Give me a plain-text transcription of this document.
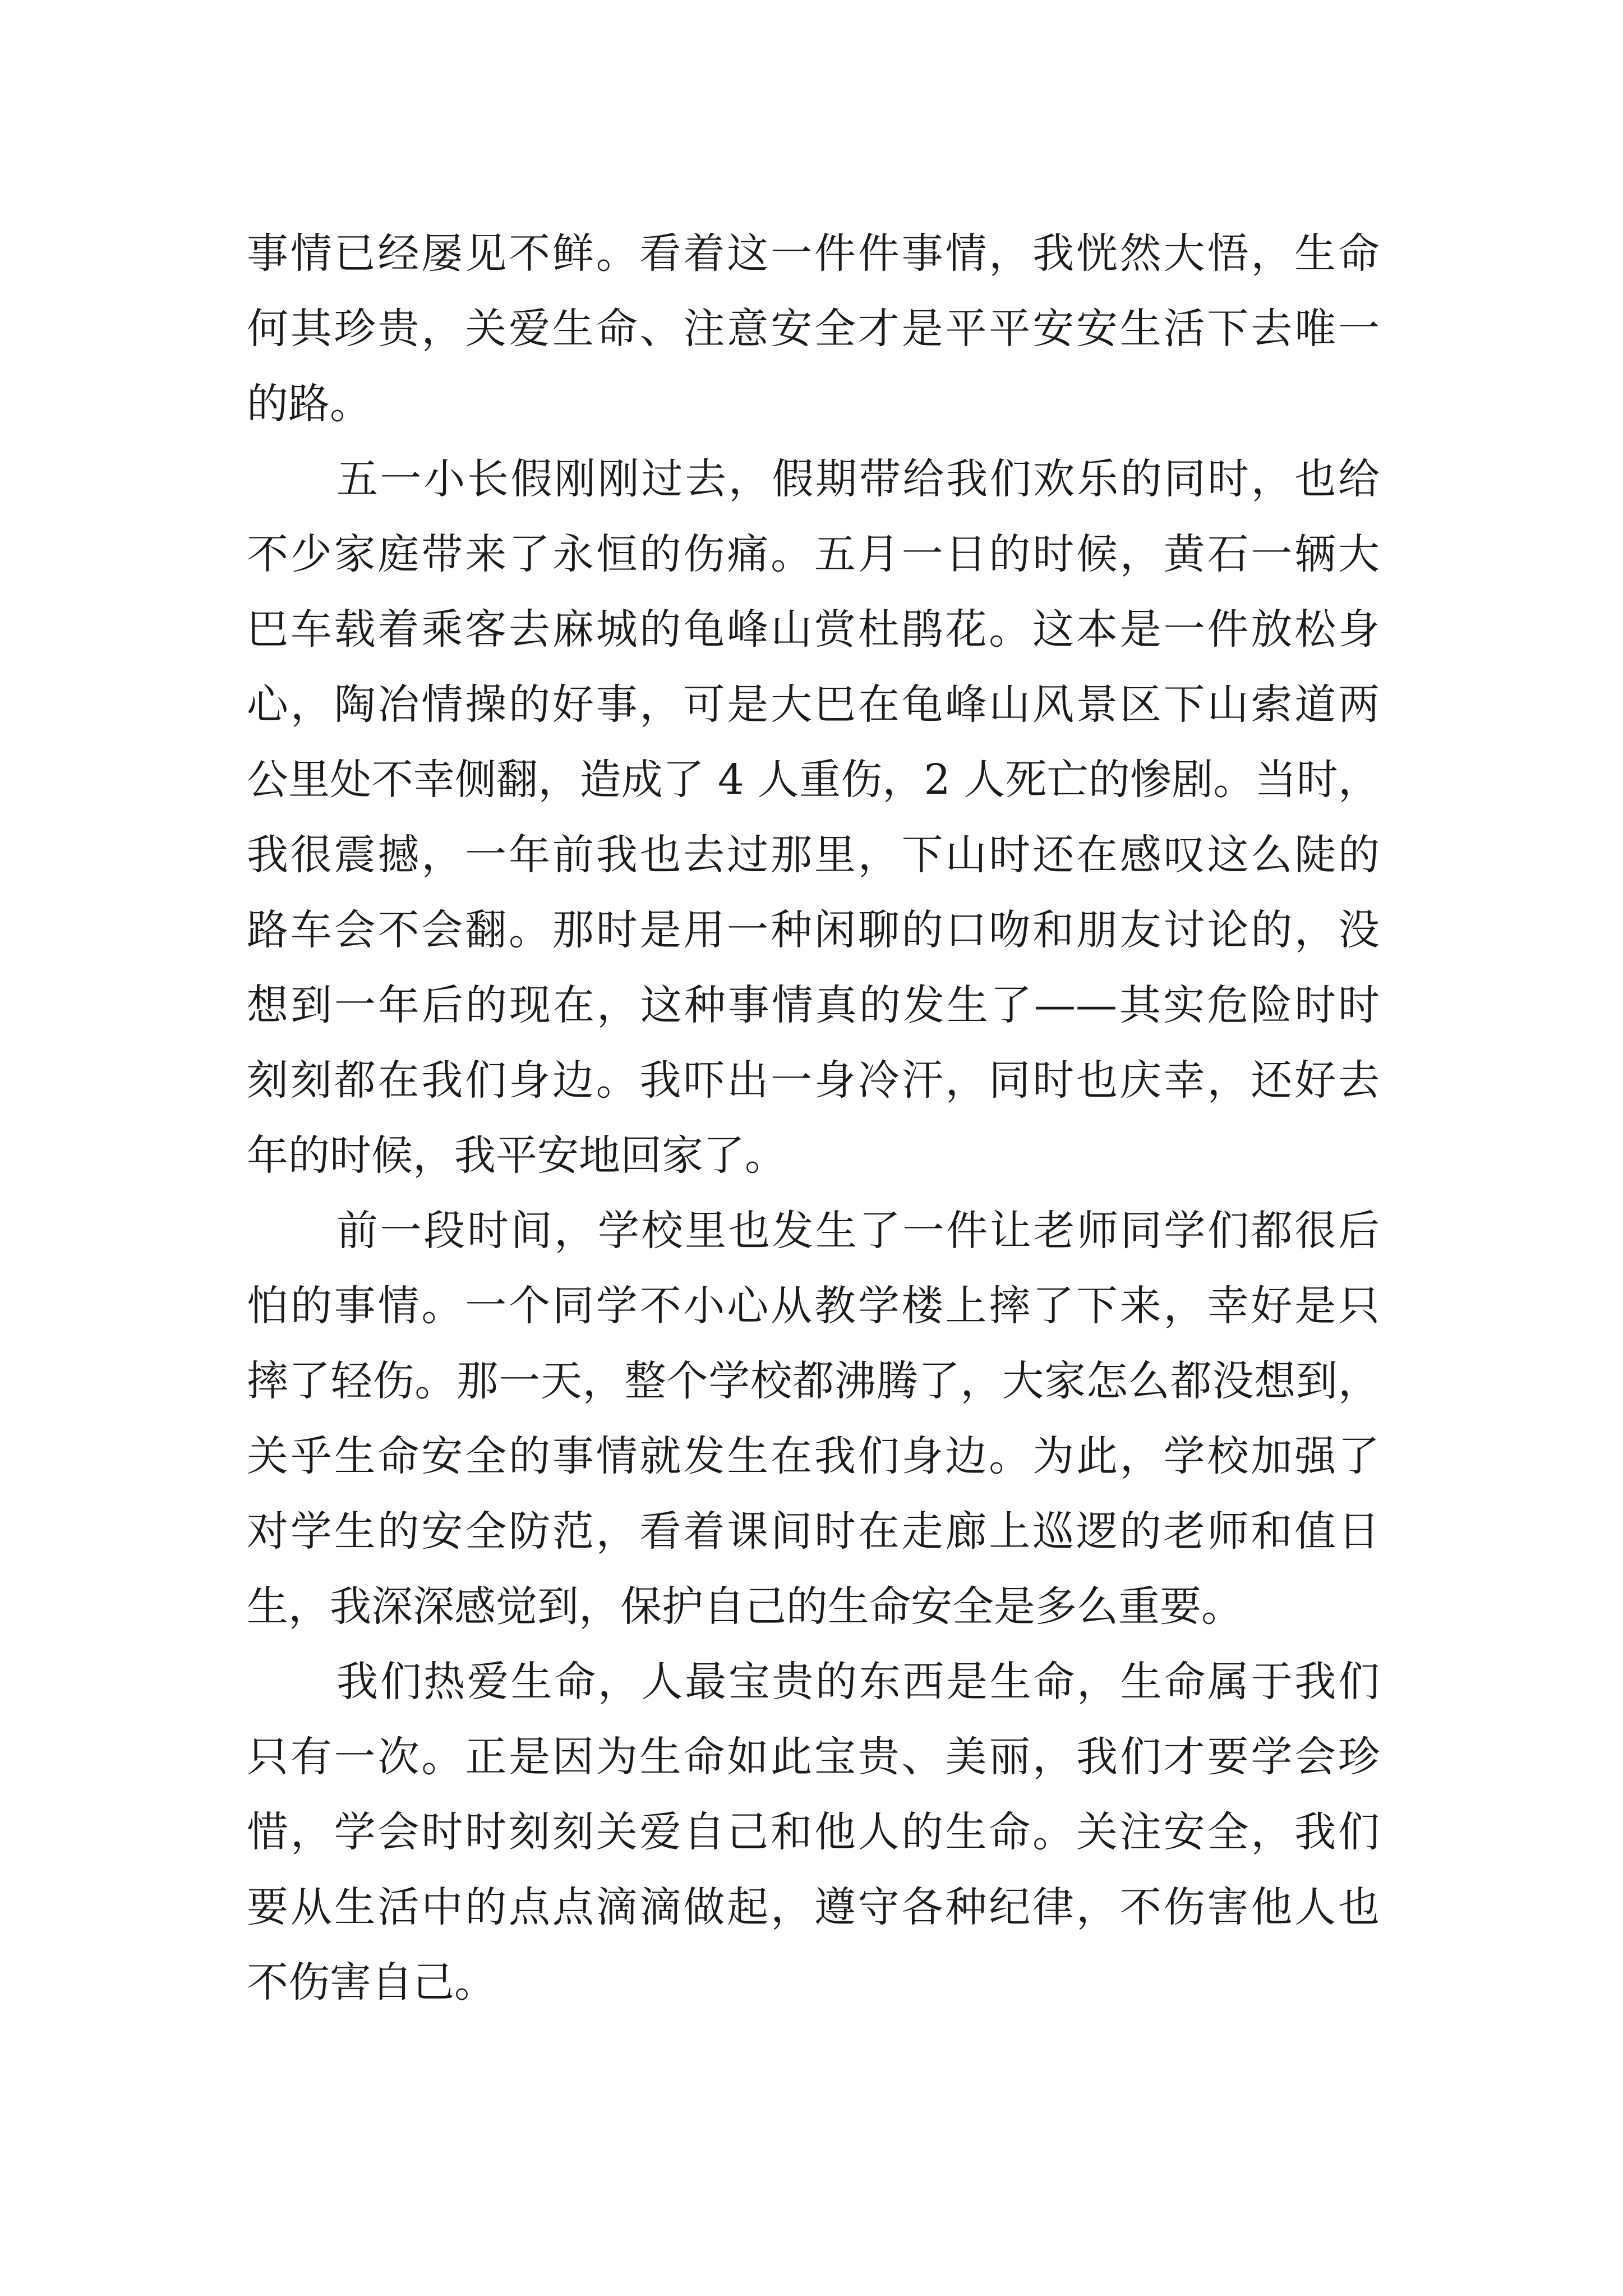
事情已经屡见不鲜。看着这一件件事情，我恍然大悟，生命
何其珍贵，关爱生命、注意安全才是平平安安生活下去唯一
的路。
五一小长假刚刚过去，假期带给我们欢乐的同时，也给
不少家庭带来了永恒的伤痛。五月一日的时候，黄石一辆大
巴车载着乘客去麻城的龟峰山赏杜鹃花。这本是一件放松身
心，陶冶情操的好事，可是大巴在龟峰山风景区下山索道两
公里处不幸侧翻，造成了 4 人重伤，2 人死亡的惨剧。当时，
我很震撼，一年前我也去过那里，下山时还在感叹这么陡的
路车会不会翻。那时是用一种闲聊的口吻和朋友讨论的，没
想到一年后的现在，这种事情真的发生了——其实危险时时
刻刻都在我们身边。我吓出一身冷汗，同时也庆幸，还好去
年的时候，我平安地回家了。
前一段时间，学校里也发生了一件让老师同学们都很后
怕的事情。一个同学不小心从教学楼上摔了下来，幸好是只
摔了轻伤。那一天，整个学校都沸腾了，大家怎么都没想到，
关乎生命安全的事情就发生在我们身边。为此，学校加强了
对学生的安全防范，看着课间时在走廊上巡逻的老师和值日
生，我深深感觉到，保护自己的生命安全是多么重要。
我们热爱生命，人最宝贵的东西是生命，生命属于我们
只有一次。正是因为生命如此宝贵、美丽，我们才要学会珍
惜，学会时时刻刻关爱自己和他人的生命。关注安全，我们
要从生活中的点点滴滴做起，遵守各种纪律，不伤害他人也
不伤害自己。
